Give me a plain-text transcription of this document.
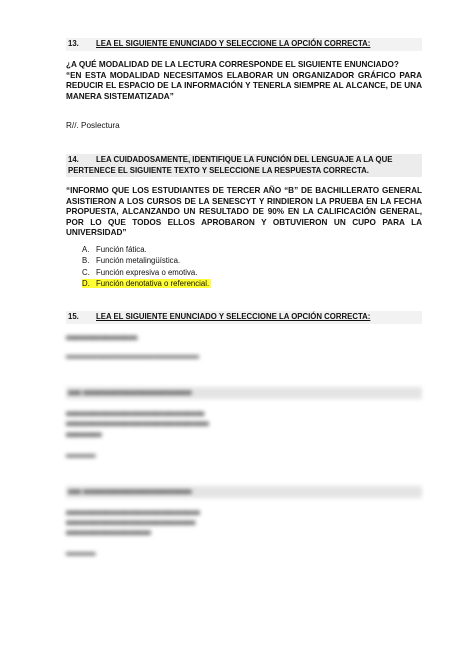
13. LEA EL SIGUIENTE ENUNCIADO Y SELECCIONE LA OPCIÓN CORRECTA:
¿A QUÉ MODALIDAD DE LA LECTURA CORRESPONDE EL SIGUIENTE ENUNCIADO?
“EN ESTA MODALIDAD NECESITAMOS ELABORAR UN ORGANIZADOR GRÁFICO PARA REDUCIR EL ESPACIO DE LA INFORMACIÓN Y TENERLA SIEMPRE AL ALCANCE, DE UNA MANERA SISTEMATIZADA”
R//. Poslectura
14. LEA CUIDADOSAMENTE, IDENTIFIQUE LA FUNCIÓN DEL LENGUAJE A LA QUE PERTENECE EL SIGUIENTE TEXTO Y SELECCIONE LA RESPUESTA CORRECTA.
“INFORMO QUE LOS ESTUDIANTES DE TERCER AÑO “B” DE BACHILLERATO GENERAL ASISTIERON A LOS CURSOS DE LA SENESCYT Y RINDIERON LA PRUEBA EN LA FECHA PROPUESTA, ALCANZANDO UN RESULTADO DE 90% EN LA CALIFICACIÓN GENERAL, POR LO QUE TODOS ELLOS APROBARON Y OBTUVIERON UN CUPO PARA LA UNIVERSIDAD”
A. Función fática.
B. Función metalingüística.
C. Función expresiva o emotiva.
D. Función denotativa o referencial.
15. LEA EL SIGUIENTE ENUNCIADO Y SELECCIONE LA OPCIÓN CORRECTA:
■■■■■■■■■■■■■■■■
▬▬▬▬▬▬▬▬▬▬▬▬▬▬▬▬▬▬
■■■ ■■■■■■■■■■■■■■■■■■■■■■■■■
■■■■■■■■■■■■■■■■■■■■■■■■■■■■■■■
■■■■■■■■■■■■■■■■■■■■■■■■■■■■■■■■
■■■■■■■■
▬▬▬▬
■■■ ■■■■■■■■■■■■■■■■■■■■■■■■■
■■■■■■■■■■■■■■■■■■■■■■■■■■■■■■
■■■■■■■■■■■■■■■■■■■■■■■■■■■■■
■■■■■■■■■■■■■■■■■■■
▬▬▬▬
